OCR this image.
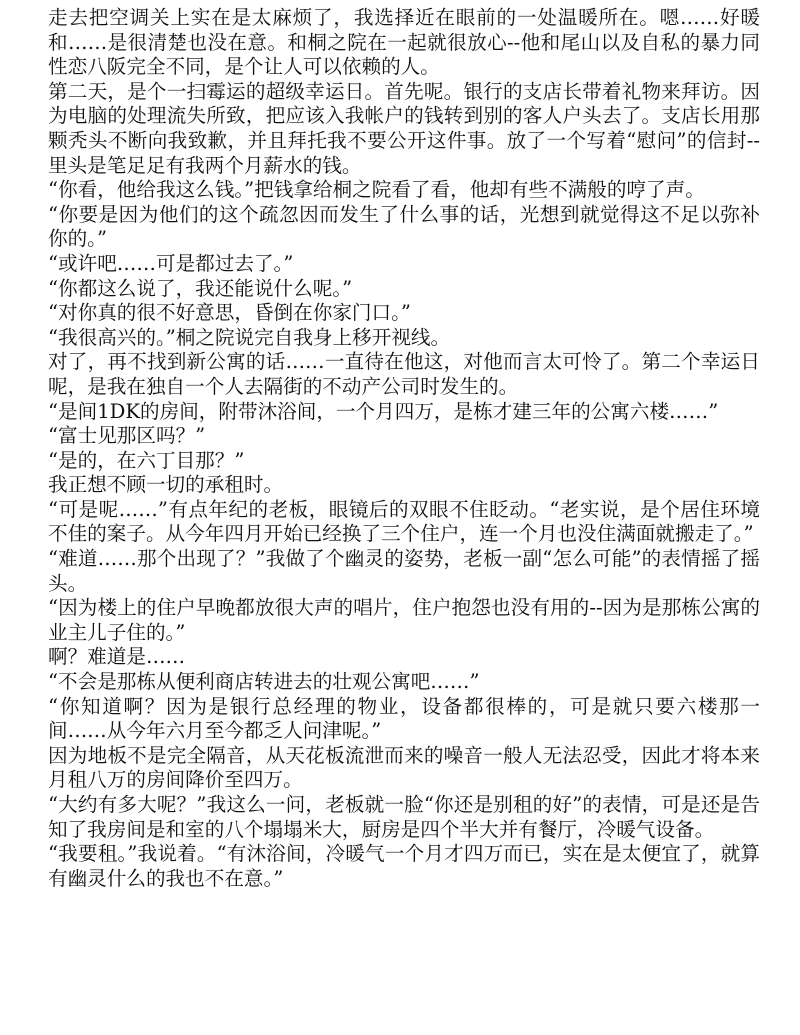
走去把空调关上实在是太麻烦了，我选择近在眼前的一处温暖所在。嗯……好暖和……是很清楚也没在意。和桐之院在一起就很放心--他和尾山以及自私的暴力同性恋八阪完全不同，是个让人可以依赖的人。

第二天，是个一扫霉运的超级幸运日。首先呢。银行的支店长带着礼物来拜访。因为电脑的处理流失所致，把应该入我帐户的钱转到别的客人户头去了。支店长用那颗秃头不断向我致歉，并且拜托我不要公开这件事。放了一个写着“慰问”的信封--里头是笔足足有我两个月薪水的钱。

“你看，他给我这么钱。”把钱拿给桐之院看了看，他却有些不满般的哼了声。

“你要是因为他们的这个疏忽因而发生了什么事的话，光想到就觉得这不足以弥补你的。”

“或许吧……可是都过去了。”

“你都这么说了，我还能说什么呢。”

“对你真的很不好意思，昏倒在你家门口。”

“我很高兴的。”桐之院说完自我身上移开视线。

对了，再不找到新公寓的话……一直待在他这，对他而言太可怜了。第二个幸运日呢，是我在独自一个人去隔街的不动产公司时发生的。

“是间1DK的房间，附带沐浴间，一个月四万，是栋才建三年的公寓六楼……”

“富士见那区吗？”

“是的，在六丁目那？”

我正想不顾一切的承租时。

“可是呢……”有点年纪的老板，眼镜后的双眼不住眨动。“老实说，是个居住环境不佳的案子。从今年四月开始已经换了三个住户，连一个月也没住满面就搬走了。”

“难道……那个出现了？”我做了个幽灵的姿势，老板一副“怎么可能”的表情摇了摇头。

“因为楼上的住户早晚都放很大声的唱片，住户抱怨也没有用的--因为是那栋公寓的业主儿子住的。”

啊？难道是……

“不会是那栋从便利商店转进去的壮观公寓吧……”

“你知道啊？因为是银行总经理的物业，设备都很棒的，可是就只要六楼那一间……从今年六月至今都乏人问津呢。”

因为地板不是完全隔音，从天花板流泄而来的噪音一般人无法忍受，因此才将本来月租八万的房间降价至四万。

“大约有多大呢？”我这么一问，老板就一脸“你还是别租的好”的表情，可是还是告知了我房间是和室的八个塌塌米大，厨房是四个半大并有餐厅，冷暖气设备。

“我要租。”我说着。“有沐浴间，冷暖气一个月才四万而已，实在是太便宜了，就算有幽灵什么的我也不在意。”
